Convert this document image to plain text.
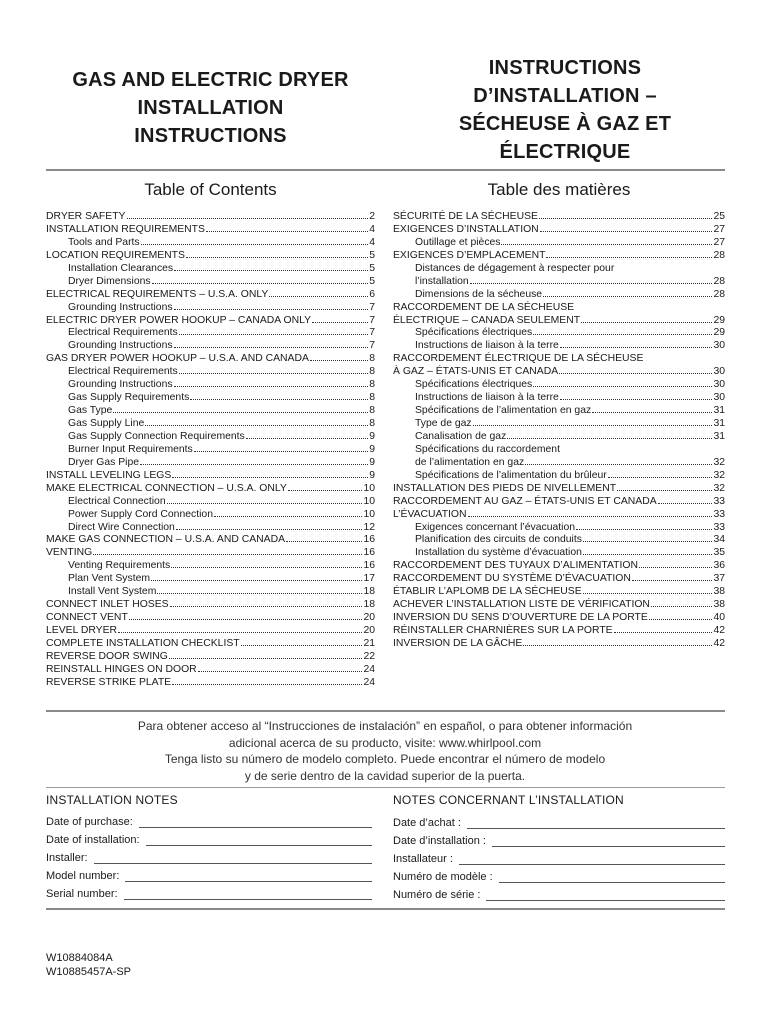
GAS AND ELECTRIC DRYER
INSTALLATION
INSTRUCTIONS
INSTRUCTIONS
D’INSTALLATION –
SÉCHEUSE À GAZ ET
ÉLECTRIQUE
Table of Contents	Table des matières
DRYER SAFETY	2
INSTALLATION REQUIREMENTS	4
Tools and Parts	4
LOCATION REQUIREMENTS	5
Installation Clearances	5
Dryer Dimensions	5
ELECTRICAL REQUIREMENTS – U.S.A. ONLY	6
Grounding Instructions	7
ELECTRIC DRYER POWER HOOKUP – CANADA ONLY	7
Electrical Requirements	7
Grounding Instructions	7
GAS DRYER POWER HOOKUP – U.S.A. AND CANADA	8
Electrical Requirements	8
Grounding Instructions	8
Gas Supply Requirements	8
Gas Type	8
Gas Supply Line	8
Gas Supply Connection Requirements	9
Burner Input Requirements	9
Dryer Gas Pipe	9
INSTALL LEVELING LEGS	9
MAKE ELECTRICAL CONNECTION – U.S.A. ONLY	10
Electrical Connection	10
Power Supply Cord Connection	10
Direct Wire Connection	12
MAKE GAS CONNECTION – U.S.A. AND CANADA	16
VENTING	16
Venting Requirements	16
Plan Vent System	17
Install Vent System	18
CONNECT INLET HOSES	18
CONNECT VENT	20
LEVEL DRYER	20
COMPLETE INSTALLATION CHECKLIST	21
REVERSE DOOR SWING	22
REINSTALL HINGES ON DOOR	24
REVERSE STRIKE PLATE	24
SÉCURITÉ DE LA SÉCHEUSE	25
EXIGENCES D’INSTALLATION	27
Outillage et pièces	27
EXIGENCES D’EMPLACEMENT	28
Distances de dégagement à respecter pour
l’installation	28
Dimensions de la sécheuse	28
RACCORDEMENT DE LA SÉCHEUSE
ÉLECTRIQUE – CANADA SEULEMENT	29
Spécifications électriques	29
Instructions de liaison à la terre	30
RACCORDEMENT ÉLECTRIQUE DE LA SÉCHEUSE
À GAZ – ÉTATS-UNIS ET CANADA	30
Spécifications électriques	30
Instructions de liaison à la terre	30
Spécifications de l’alimentation en gaz	31
Type de gaz	31
Canalisation de gaz	31
Spécifications du raccordement
de l’alimentation en gaz	32
Spécifications de l’alimentation du brûleur	32
INSTALLATION DES PIEDS DE NIVELLEMENT	32
RACCORDEMENT AU GAZ – ÉTATS-UNIS ET CANADA	33
L’ÉVACUATION	33
Exigences concernant l’évacuation	33
Planification des circuits de conduits	34
Installation du système d’évacuation	35
RACCORDEMENT DES TUYAUX D’ALIMENTATION	36
RACCORDEMENT DU SYSTÈME D’ÉVACUATION	37
ÉTABLIR L’APLOMB DE LA SÉCHEUSE	38
ACHEVER L’INSTALLATION LISTE DE VÉRIFICATION	38
INVERSION DU SENS D’OUVERTURE DE LA PORTE	40
RÉINSTALLER CHARNIÈRES SUR LA PORTE	42
INVERSION DE LA GÂCHE	42
Para obtener acceso al “Instrucciones de instalación” en español, o para obtener información
adicional acerca de su producto, visite: www.whirlpool.com
Tenga listo su número de modelo completo. Puede encontrar el número de modelo
y de serie dentro de la cavidad superior de la puerta.
INSTALLATION NOTES	NOTES CONCERNANT L’INSTALLATION
Date of purchase:
Date of installation:
Installer:
Model number:
Serial number:
Date d’achat :
Date d’installation :
Installateur :
Numéro de modèle :
Numéro de série :
W10884084A
W10885457A-SP
